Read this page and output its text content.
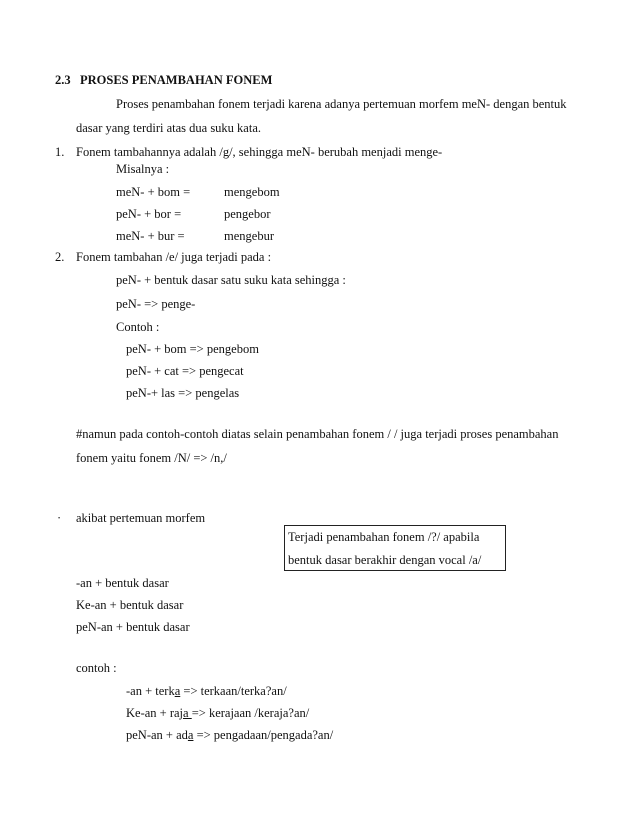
2.3 PROSES PENAMBAHAN FONEM
Proses penambahan fonem terjadi karena adanya pertemuan morfem meN- dengan bentuk
dasar yang terdiri atas dua suku kata.
1. Fonem tambahannya adalah /g/, sehingga meN- berubah menjadi menge-
Misalnya :
meN- + bom =	mengebom
peN- + bor =	pengebor
meN- + bur =	mengebur
2. Fonem tambahan /e/ juga terjadi pada :
peN- + bentuk dasar satu suku kata sehingga :
peN- => penge-
Contoh :
peN- + bom => pengebom
peN- + cat => pengecat
peN-+ las => pengelas
#namun pada contoh-contoh diatas selain penambahan fonem / / juga terjadi proses penambahan
fonem yaitu fonem /N/ => /n,/
· akibat pertemuan morfem
Terjadi penambahan fonem /?/ apabila
bentuk dasar berakhir dengan vocal /a/
-an + bentuk dasar
Ke-an + bentuk dasar
peN-an + bentuk dasar
contoh :
-an + terka => terkaan/terka?an/
Ke-an + raja => kerajaan /keraja?an/
peN-an + ada => pengadaan/pengada?an/
